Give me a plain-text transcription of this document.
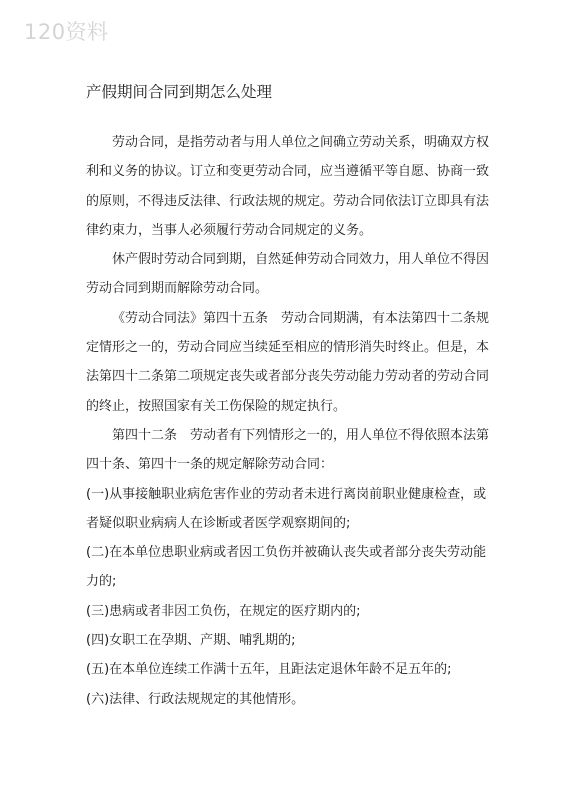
120资料
产假期间合同到期怎么处理

劳动合同，是指劳动者与用人单位之间确立劳动关系，明确双方权利和义务的协议。订立和变更劳动合同，应当遵循平等自愿、协商一致的原则，不得违反法律、行政法规的规定。劳动合同依法订立即具有法律约束力，当事人必须履行劳动合同规定的义务。

休产假时劳动合同到期，自然延伸劳动合同效力，用人单位不得因劳动合同到期而解除劳动合同。

《劳动合同法》第四十五条　劳动合同期满，有本法第四十二条规定情形之一的，劳动合同应当续延至相应的情形消失时终止。但是，本法第四十二条第二项规定丧失或者部分丧失劳动能力劳动者的劳动合同的终止，按照国家有关工伤保险的规定执行。

第四十二条　劳动者有下列情形之一的，用人单位不得依照本法第四十条、第四十一条的规定解除劳动合同：

(一)从事接触职业病危害作业的劳动者未进行离岗前职业健康检查，或者疑似职业病病人在诊断或者医学观察期间的;

(二)在本单位患职业病或者因工负伤并被确认丧失或者部分丧失劳动能力的;

(三)患病或者非因工负伤，在规定的医疗期内的;

(四)女职工在孕期、产期、哺乳期的;

(五)在本单位连续工作满十五年，且距法定退休年龄不足五年的;

(六)法律、行政法规规定的其他情形。
